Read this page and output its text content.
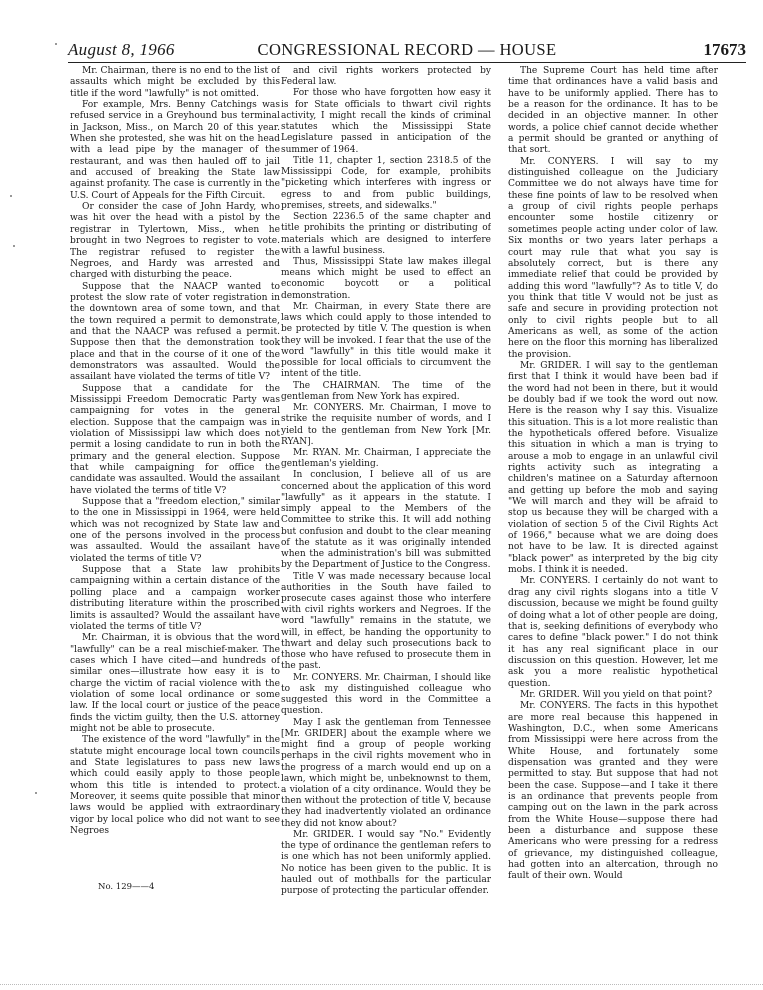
August 8, 1966	CONGRESSIONAL RECORD — HOUSE	17673

Mr. Chairman, there is no end to the list of assaults which might be excluded by this title if the word "lawfully" is not omitted.

For example, Mrs. Benny Catchings was refused service in a Greyhound bus terminal in Jackson, Miss., on March 20 of this year. When she protested, she was hit on the head with a lead pipe by the manager of the restaurant, and was then hauled off to jail and accused of breaking the State law against profanity. The case is currently in the U.S. Court of Appeals for the Fifth Circuit.

Or consider the case of John Hardy, who was hit over the head with a pistol by the registrar in Tylertown, Miss., when he brought in two Negroes to register to vote. The registrar refused to register the Negroes, and Hardy was arrested and charged with disturbing the peace.

Suppose that the NAACP wanted to protest the slow rate of voter registration in the downtown area of some town, and that the town required a permit to demonstrate, and that the NAACP was refused a permit. Suppose then that the demonstration took place and that in the course of it one of the demonstrators was assaulted. Would the assailant have violated the terms of title V?

Suppose that a candidate for the Mississippi Freedom Democratic Party was campaigning for votes in the general election. Suppose that the campaign was in violation of Mississippi law which does not permit a losing candidate to run in both the primary and the general election. Suppose that while campaigning for office the candidate was assaulted. Would the assailant have violated the terms of title V?

Suppose that a "freedom election," similar to the one in Mississippi in 1964, were held which was not recognized by State law and one of the persons involved in the process was assaulted. Would the assailant have violated the terms of title V?

Suppose that a State law prohibits campaigning within a certain distance of the polling place and a campaign worker distributing literature within the proscribed limits is assaulted? Would the assailant have violated the terms of title V?

Mr. Chairman, it is obvious that the word "lawfully" can be a real mischief-maker. The cases which I have cited—and hundreds of similar ones—illustrate how easy it is to charge the victim of racial violence with the violation of some local ordinance or some law. If the local court or justice of the peace finds the victim guilty, then the U.S. attorney might not be able to prosecute.

The existence of the word "lawfully" in the statute might encourage local town councils and State legislatures to pass new laws which could easily apply to those people whom this title is intended to protect. Moreover, it seems quite possible that minor laws would be applied with extraordinary vigor by local police who did not want to see Negroes

and civil rights workers protected by Federal law.

For those who have forgotten how easy it is for State officials to thwart civil rights activity, I might recall the kinds of criminal statutes which the Mississippi State Legislature passed in anticipation of the summer of 1964.

Title 11, chapter 1, section 2318.5 of the Mississippi Code, for example, prohibits "picketing which interferes with ingress or egress to and from public buildings, premises, streets, and sidewalks."

Section 2236.5 of the same chapter and title prohibits the printing or distributing of materials which are designed to interfere with a lawful business.

Thus, Mississippi State law makes illegal means which might be used to effect an economic boycott or a political demonstration.

Mr. Chairman, in every State there are laws which could apply to those intended to be protected by title V. The question is when they will be invoked. I fear that the use of the word "lawfully" in this title would make it possible for local officials to circumvent the intent of the title.

The CHAIRMAN. The time of the gentleman from New York has expired.

Mr. CONYERS. Mr. Chairman, I move to strike the requisite number of words, and I yield to the gentleman from New York [Mr. RYAN].

Mr. RYAN. Mr. Chairman, I appreciate the gentleman's yielding.

In conclusion, I believe all of us are concerned about the application of this word "lawfully" as it appears in the statute. I simply appeal to the Members of the Committee to strike this. It will add nothing but confusion and doubt to the clear meaning of the statute as it was originally intended when the administration's bill was submitted by the Department of Justice to the Congress.

Title V was made necessary because local authorities in the South have failed to prosecute cases against those who interfere with civil rights workers and Negroes. If the word "lawfully" remains in the statute, we will, in effect, be handing the opportunity to thwart and delay such prosecutions back to those who have refused to prosecute them in the past.

Mr. CONYERS. Mr. Chairman, I should like to ask my distinguished colleague who suggested this word in the Committee a question.

May I ask the gentleman from Tennessee [Mr. GRIDER] about the example where we might find a group of people working perhaps in the civil rights movement who in the progress of a march would end up on a lawn, which might be, unbeknownst to them, a violation of a city ordinance. Would they be then without the protection of title V, because they had inadvertently violated an ordinance they did not know about?

Mr. GRIDER. I would say "No." Evidently the type of ordinance the gentleman refers to is one which has not been uniformly applied. No notice has been given to the public. It is hauled out of mothballs for the particular purpose of protecting the particular offender.

The Supreme Court has held time after time that ordinances have a valid basis and have to be uniformly applied. There has to be a reason for the ordinance. It has to be decided in an objective manner. In other words, a police chief cannot decide whether a permit should be granted or anything of that sort.

Mr. CONYERS. I will say to my distinguished colleague on the Judiciary Committee we do not always have time for these fine points of law to be resolved when a group of civil rights people perhaps encounter some hostile citizenry or sometimes people acting under color of law. Six months or two years later perhaps a court may rule that what you say is absolutely correct, but is there any immediate relief that could be provided by adding this word "lawfully"? As to title V, do you think that title V would not be just as safe and secure in providing protection not only to civil rights people but to all Americans as well, as some of the action here on the floor this morning has liberalized the provision.

Mr. GRIDER. I will say to the gentleman first that I think it would have been bad if the word had not been in there, but it would be doubly bad if we took the word out now. Here is the reason why I say this. Visualize this situation. This is a lot more realistic than the hypotheticals offered before. Visualize this situation in which a man is trying to arouse a mob to engage in an unlawful civil rights activity such as integrating a children's matinee on a Saturday afternoon and getting up before the mob and saying "We will march and they will be afraid to stop us because they will be charged with a violation of section 5 of the Civil Rights Act of 1966," because what we are doing does not have to be law. It is directed against "black power" as interpreted by the big city mobs. I think it is needed.

Mr. CONYERS. I certainly do not want to drag any civil rights slogans into a title V discussion, because we might be found guilty of doing what a lot of other people are doing, that is, seeking definitions of everybody who cares to define "black power." I do not think it has any real significant place in our discussion on this question. However, let me ask you a more realistic hypothetical question.

Mr. GRIDER. Will you yield on that point?

Mr. CONYERS. The facts in this hypothet are more real because this happened in Washington, D.C., when some Americans from Mississippi were here across from the White House, and fortunately some dispensation was granted and they were permitted to stay. But suppose that had not been the case. Suppose—and I take it there is an ordinance that prevents people from camping out on the lawn in the park across from the White House—suppose there had been a disturbance and suppose these Americans who were pressing for a redress of grievance, my distinguished colleague, had gotten into an altercation, through no fault of their own. Would

No. 129——4
